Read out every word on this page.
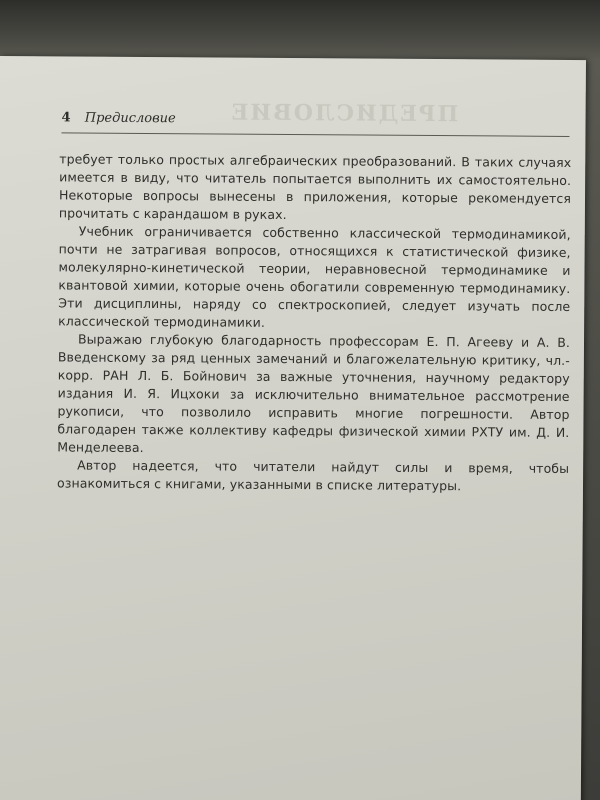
ПРЕДИСЛОВИЕ
4 Предисловие

требует только простых алгебраических преобразований. В таких случаях имеется в виду, что читатель попытается выполнить их самостоятельно. Некоторые вопросы вынесены в приложения, которые рекомендуется прочитать с карандашом в руках.

Учебник ограничивается собственно классической термодинамикой, почти не затрагивая вопросов, относящихся к статистической физике, молекулярно-кинетической теории, неравновесной термодинамике и квантовой химии, которые очень обогатили современную термодинамику. Эти дисциплины, наряду со спектроскопией, следует изучать после классической термодинамики.

Выражаю глубокую благодарность профессорам Е. П. Агееву и А. В. Введенскому за ряд ценных замечаний и благожелательную критику, чл.-корр. РАН Л. Б. Бойнович за важные уточнения, научному редактору издания И. Я. Ицхоки за исключительно внимательное рассмотрение рукописи, что позволило исправить многие погрешности. Автор благодарен также коллективу кафедры физической химии РХТУ им. Д. И. Менделеева.

Автор надеется, что читатели найдут силы и время, чтобы ознакомиться с книгами, указанными в списке литературы.
